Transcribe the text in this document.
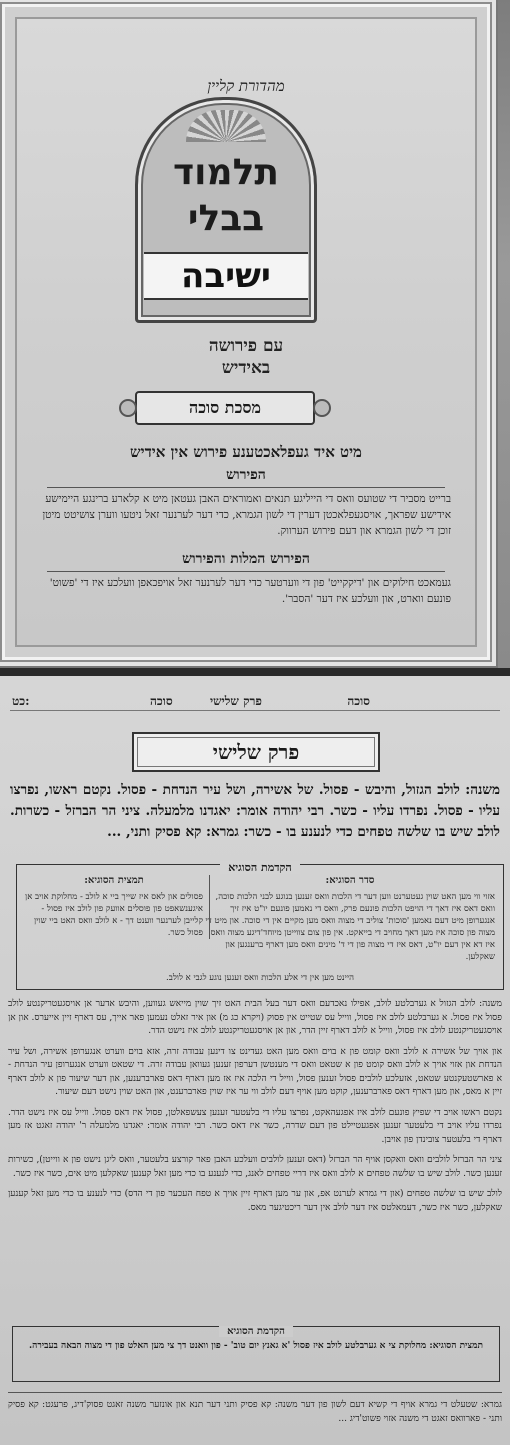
מהדורת קליין
תלמוד
בבלי
ישיבה
עם פירושה
באידיש
מסכת סוכה
מיט איד געפלאכטענע פירוש אין אידיש
הפירוש
ברייט מסביר די שטועס וואס די הייליגע תנאים ואמוראים האבן געטאן מיט א קלארע ברינגע היימישע אידישע שפראך, אויסגעפלאכטן דערין די לשון הגמרא, כדי דער לערנער זאל ניטעו ווערן צושיטט מיטן זוכן די לשון הגמרא און דעם פירוש הערווק.
הפירוש המלות והפירוש
געמאכט חילוקים און 'דיקקייט' פון די ווערטער כדי דער לערנער זאל אויפכאפן וועלכע איז די 'פשוט' פונעם ווארט, און וועלכע איז דער 'הסבר'.
סוכה
פרק שלישי
סוכה
כט:
פרק שלישי
משנה: לולב הגזול, והיבש - פסול. של אשירה, ושל עיר הנדחת - פסול. נקטם ראשו, נפרצו עליו - פסול. נפרדו עליו - כשר. רבי יהודה אומר: יאגדנו מלמעלה. ציני הר הברזל - כשרות. לולב שיש בו שלשה טפחים כדי לנענע בו - כשר: גמרא: קא פסיק ותני, ...
הקדמת הסוגיא
סדר הסוגיא:
אזוי ווי מען האט שוין געטערנט ווען דער די הלכות וואס זענען בנוגע לבני הלכות סוכה, וואס דאס איז דאך די הויפט הלכות פונעם פרק, וואס די נאמען פונעם יו"ט איז זיך אנגערופן מיט דעם נאמען 'סוכות' צוליב די מצוה וואס מען מקיים אין די סוכה. און מיט די מצוה פון סוכה איז מען דאך מחויב די בייאקט. אין פון צום צווייטן מיוחד'דיגע מצוה וואס איז דא אין דעם יו"ט, דאס איז די מצוה פון די ד' מינים וואס מען דארף ברענגען און שאקלען.
תמצית הסוגיא:
פסולים און לאס איז שייך ביי א לולב - מחלוקת אויב אן איגענשאפט פון פוסלים אוועק פון לולב איז פסול - קלייבן לערנער ווענט דך - א לולב וואס האט ביי שוין פסול כשר.
היינט מען אין די אלע הלכות וואס זענען נוגע לגבי א לולב.

משנה: לולב הגזול א גערבלטע לולב, אפילו נאכדעם וואס דער בעל הבית האט זיך שוין מייאש געווען, והיבש אדער אן אויסגעטריקנטע לולב פסול איז פסול. א גערבלטע לולב איז פסול, ווייל עס שטייט אין פסוק (ויקרא כג מ) און איר זאלט נעמען פאר אייך, עס דארף זיין אייערס. און אן אויסגעטריקנטע לולב איז פסול, ווייל א לולב דארף זיין הדר, און אן אויסגעטריקנטע לולב איז נישט הדר.

און אויך של אשירה א לולב וואס קומט פון א בוים וואס מען האט געדינט צו דינען עבודה זרה, אזא בוים ווערט אנגערופן אשירה, ושל עיר הנדחת און אזוי אויך א לולב וואס קומט פון א שטאט וואס די מענטשן דערפון זענען געוואן עבודה זרה. די שטאט ווערט אנגערופן עיר הנדחת - א פארשטעקנטע שטאט, אזעלכע לולבים פסול זענען פסול, ווייל די הלכה איז אז מען דארף דאס פארברענען, און דער שיעור פון א לולב דארף זיין א מאס, און מען דארף דאס פארברענען, קוקט מען אויף דעם לולב ווי ער איז שוין פארברענט, און האט שוין נישט דעם שיעור.

נקטם ראשו אויב די שפיץ פונעם לולב איז אפגעהאקט, נפרצו עליו די בלעטער זענען צעשפאלטן, פסול איז דאס פסול. ווייל עס איז נישט הדר. נפרדו עליו אויב די בלעטער זענען אפגעטיילט פון דעם שדרה, כשר איז דאס כשר. רבי יהודה אומר: יאגדנו מלמעלה ר' יהודה זאגט אז מען דארף די בלעטער צובינדן פון אויבן.

ציני הר הברזל לולבים וואס וואקסן אויף הר הברזל (דאס זענען לולבים וועלכע האבן פאר קורצע בלעטער, וואס ליגן נישט פון א ווייטן), כשירות זענען כשר. לולב שיש בו שלשה טפחים א לולב וואס איז דריי טפחים לאנג, כדי לנענע בו כדי מען זאל קענען שאקלען מיט אים, כשר איז כשר.

לולב שיש בו שלשה טפחים (און די גמרא לערנט אפ, און ער מען דארף זיין אויך א טפח העכער פון די הדס) כדי לנענע בו כדי מען זאל קענען שאקלען, כשר איז כשר, דעמאלטס איז דער לולב אין דער ריכטיגער מאס.

הקדמת הסוגיא
תמצית הסוגיא: מחלוקת צי א גערבלטע לולב איז פסול 'א גאנץ יום טוב' - פון וואנט דך צי מען האלט פון די מצוה הבאה בעבירה.
גמרא: שטעלט די גמרא אויף די קשיא דעם לשון פון דער משנה: קא פסיק ותני דער תנא און אונזער משנה זאגט פסוק'דיג, פרעגט: קא פסיק ותני - פארוואס זאגט די משנה אזוי פשוט'דיג ...
